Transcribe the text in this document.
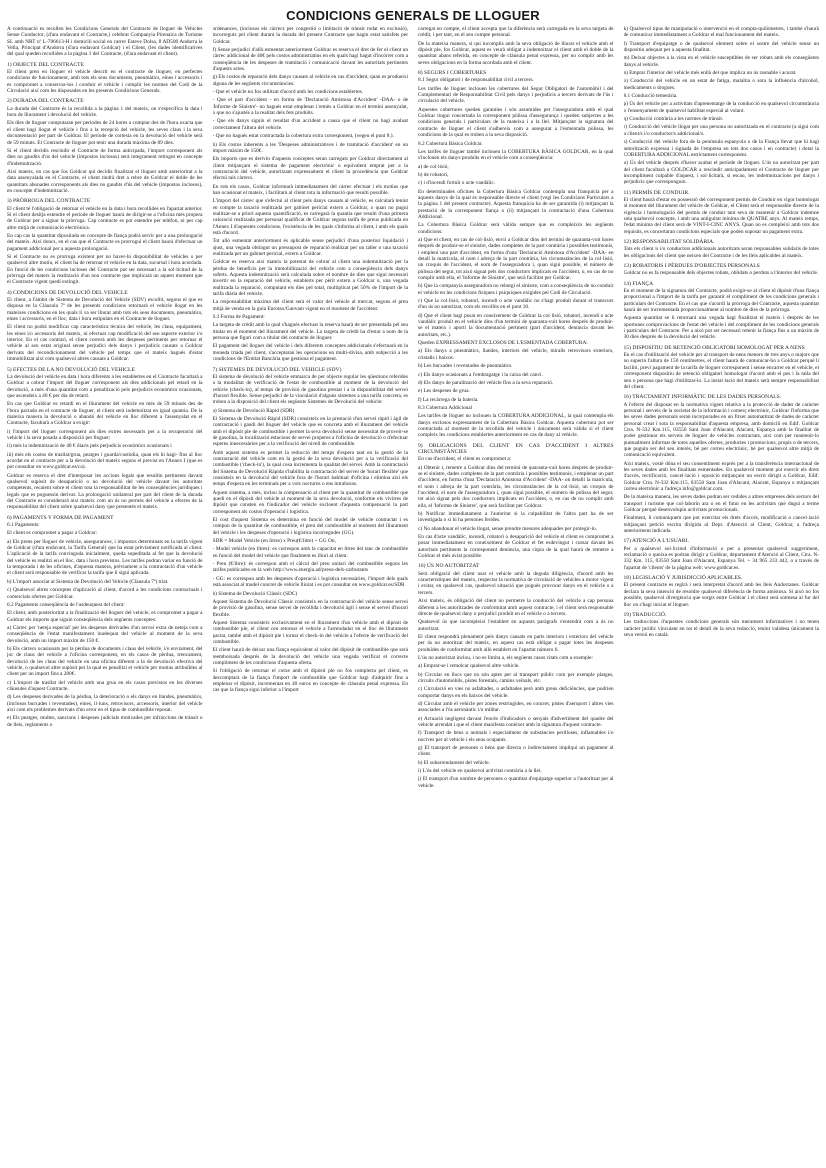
CONDICIONS GENERALS DE LLOGUER

A continuació es recullen les Condicions Generals del Contracte de lloguer de Vehicles Sense Conductor, (d'ara endavant el Contracte,) celebrat Companyia Pirenaica de Turisme SL amb NRT nº L-706613-H i domicili social en carrer Esteve Dolsa, 8 AD500 Andorra la Vella, Principat d'Andorra (d'ara endavant Goldcar) i el Client, (les dades identificatives del qual queden recollides a la pàgina 1 del Contracte, (d'ara endavant el client).

1) OBJECTE DEL CONTRACTE

El client pren en lloguer el vehicle descrit en el contracte de lloguer, en perfectes condicions de funcionament, amb tots els seus documents, pneumàtics, eines i accessoris i es compromet a conservar-los i conduir el vehicle i complir les normes del Codi de la Circulació així com les disposades en les presents Condicions Generals.

2) DURADA DEL CONTRACTE

La durada del Contracte és la recollida a la pàgina 1 del mateix, on s'especifica la data i hora de lliurament i devolució del vehicle.

Els dies de lloguer computaran per períodes de 24 hores a comptar des de l'hora exacta que el client hagi llogat el vehicle i fins a la recepció del vehicle, les seves claus i la seva documentació per part de Goldcar. El període de cortesia en la devolució del vehicle serà de 59 minuts. El Contracte de lloguer pot tenir una durada màxima de 89 dies.

Si el client decidís rescindir el Contracte de forma anticipada, l'import corresponent als dies no gaudits d'ús del vehicle (impostos inclosos) serà íntegrament retingut en concepte d'indemnització.

Així mateix, en cas que fos Goldcar qui decidís finalitzar el lloguer amb anterioritat a la data assenyalada en el Contracte, el client tindrà dret a rebre de Goldcar el doble de les quantitats abonades corresponents als dies no gaudits d'ús del vehicle (impostos inclosos), en concepte d'indemnització.

3) PRÒRROGA DEL CONTRACTE

El client té l'obligació de retornar el vehicle en la data i hora recollides en l'apartat anterior. Si el client desitja estendre el període de lloguer haurà de dirigir-se a l'oficina més propera de Goldcar per a signar la pròrroga. Cap contracte es pot estendre per telèfon, ni per cap altre mitjà de comunicació electrònica.

En cap cas la quantitat dipositada en concepte de fiança podrà servir per a una prolongació del mateix. Així doncs, en el cas que el Contracte es prorrogui el client haurà d'efectuar un pagament addicional per a aquesta prolongació.

Si el Contracte no es prorroga existent per no haver-hi disponibilitat de vehicles o per qualsevol altre motiu, el client ha de retornar el vehicle en la data, sucursal i hora acordada. En funció de les condicions incloses del Contracte pot ser necessari a la sol·licitud de la pròrroga del mateix la realització d'un nou contracte que implicarà un aquest moment que el Contracte vigent quedi extingit.

4) CONDICIONS DE DEVOLUCIÓ DEL VEHICLE

El client, a l'àmbit de Sistema de Devolució del Vehicle (SDV) escollit, segons el que es disposa en la Clàusula 7ª de les presents condicions retornarà el vehicle llogat en les mateixes condicions en les quals li va ser lliurat amb tots els seus documents, pneumàtics, eines i accessoris, en el lloc, data i hora estipulats en el Contracte de lloguer.

El client no podrà modificar cap característica tècnica del vehicle, les claus, equipament, les eines i/o accessoris del mateix, ni efectuar cap modificació del seu aspecte exterior i/o interior. En el cas contrari, el client correrà amb les despeses pertinents per retornar el vehicle al seu estat original sense perjudici dels danys i perjudicis causats a Goldcar derivats del recondicionament del vehicle pel temps que el mateix hagués d'estar immobilitzat així com qualsevol altres causats a Goldcar.

5) EFECTES DE LA NO DEVOLUCIÓ DEL VEHICLE

La devolució del vehicle en data i hora diferents a les establertes en el Contracte facultarà a Goldcar a cobrar l'import del lloguer corresponent als dies addicionals pel retard en la devolució, a més d'una quantitat com a penalització pels perjudicis econòmics ocasionats, que ascendeix a 40 € per dia de retard.

En cas que Goldcar es retardi en el lliurament del vehicle en més de 59 minuts des de l'hora pactada en el contracte de lloguer, el client serà indemnitzat en igual quantia. De la mateixa manera la devolució o abandó del vehicle en lloc diferent a l'assenyalat en el Contracte, facultarà a Goldcar a exigir:

i) l'import del lloguer corresponent als dies extres necessaris per a la recuperació del vehicle i la seva posada a disposició per lloguer;

ii) més la indemnització de 40 € diaris pels perjudicis econòmics ocasionats i

iii) més els costos de trasllat/grua, peatges i guarda/custòdia, quan els hi hagi- fins al lloc acordat en el contracte per a la devolució del mateix segons el previst en l'Annex I (que es pot consultar en www.goldcar.es/ca).

Goldcar es reserva el dret d'interposar les accions legals que resultin pertinents davant qualsevol supòsit de desaparició o no devolució del vehicle davant les autoritats competents, recaient sobre el client tota la responsabilitat de les conseqüències jurídiques i legals que es poguessin derivar. La prolongació unilateral per part del client de la durada del Contracte es considerarà així mateix com un ús no permès del vehicle a efectes de la responsabilitat del client sobre qualsevol dany que presentés el mateix.

6) PAGAMENTS Y FORMA DE PAGAMENT

6.1 Pagaments:

El client es compromet a pagar a Goldcar:

a) Els preus per lloguer de vehicle, assegurances, i impostos determinats en la tarifa vigent de Goldcar (d'ara endavant, la Tarifa General) que ha estat prèviament notificada al client. L'aplicació de la tarifa convinguda inicialment, queda supeditada al fet que la devolució del vehicle es realitzi en el lloc, data i hora previstos. Les tarifes podran variar en funció de la temporada i de les oficines, d'aquesta manera, prèviament a la contractació d'un vehicle el client serà responsable de verificar la tarifa que li sigui aplicada.

b) L'import associat al Sistema de Devolució del Vehicle (Clàusula 7ª) triat.

c) Qualsevol altres conceptes d'aplicació al client, d'acord a les condicions contractuals i comercials ofertes per Goldcar.

6.2 Pagaments conseqüència de l'usdeuquest del client:

El client, amb posterioritat a la finalització del lloguer del vehicle, es compromet a pagar a Goldcar els imports que siguin conseqüència dels següents conceptes:

a) Càrrec per 'neteja especial' per les despeses derivades d'un servei extra de neteja com a conseqüència de l'estat manifestament inadequat del vehicle al moment de la seva devolució, amb un import màxim de 150 €.

b) Els càrrecs ocasionats per la pèrdua de documents i claus del vehicle, i/o enviament, del joc de claus del vehicle a l'oficina corresponent, en els casos de pèrdua, trencament, devolució de les claus del vehicle en una oficina diferent a la de devolució efectiva del vehicle, o qualsevol altre supòsit per la qual es penalitzi el vehicle per motius atribuïbles al client per un import fins a 280€.

c) L'import de trasllat del vehicle amb una grua en els casos previstos en les diverses clàusules d'aquest Contracte.

d) Les despeses derivades de la pèrdua, la deterioració o els danys en llandes, pneumàtics, (inclosos burxades i reventades), eines, il·luns, retrovisors, accessoris, interior del vehicle així com els problemes derivats d'un error en el tipus de combustible reposat.

e) Els peatges, multes, sancions i despeses judicials motivades per infraccions de trànsit o de lleis, reglaments o

ordenances, (inclosos els càrrecs per congestió o limitació de trànsit rodat en exclusió), incorreguts pel client durant la durada del present Contracte que hagin estat satisfets per Goldcar.

f) Sense perjudici d'allò esmentat anteriorment Goldcar es reserva el dret de fer el client un càrrec addicional de 40€ pels costos administratius en els quals hagi hagut d'incórrer com a conseqüència de les despeses de tramitació i comunicació davant les autoritats pertinents d'aquests actes.

g) Els costos de reparació dels danys causats al vehicle en cas d'accident, quan es produeixi alguna de les següents circumstàncies:

- Que el vehicle no fos utilitzat d'acord amb les condicions establertes.

- Que el part d'accident - en forma de 'Declaració Amistosa d'Accident' -DAA- o de 'Informe de Sinistre'- no hagués estat emplenat i remès a Goldcar en el termini assenyalat, o que no s'ajustés a la realitat dels fets produïts.

- Que els danys siguin el resultat d'un accident a causa que el client no hagi avaluat correctament l'altura del vehicle.

- Que no hagués estat contractada la cobertura extra corresponent, (vegeu el punt 8.).

h) Els costos inherents a les 'Despeses administratives i de tramitació d'accident' en un import màxim de 150€.

Els imports que es derivin d'aquests conceptes seran carregats per Goldcar directament al client mitjançant el sistema de pagament electrònic o equivalent emprat per a la contractació del vehicle, autoritzant expressament el client la procedència que Goldcar efectuï tals càrrecs.

En tots els casos, Goldcar informarà immediatament del càrrec efectuat i els motius que han ocasionat el mateix, i facilitarà al client tota la informació que resulti possible.

L'import del càrrec que s'efectui al client pels danys causats al vehicle, es calcularà tenint en compte la taxació realitzada per gabinet pericial extern a Goldcar, o quan no pugui realitzar-se a priori aquesta quantificació, es carregarà la quantia que resulti d'una primera valoració realitzada per personal qualificat de Goldcar segons tarifa de preus publicada en l'Annex I d'aquestes condicions, l'existència de les quals s'informa al client, i amb els quals està d'acord.

Tot allò esmentat anteriorment és aplicable sense perjudici d'una posterior liquidació i ajust, una vegada obtingut un pressupost de reparació realitzat per un taller o una taxació realitzada per un gabinet pericial, extern a Goldcar.

Goldcar es reserva així mateix la potestat de cobrar al client una indemnització per la pèrdua de beneficis per la immobilització del vehicle com a conseqüència dels danys soferts. Aquesta indemnització serà calculada sobre el nombre de dies que sigui necessari invertir en la reparació del vehicle, establerts per pèrit extern a Goldcar o, una vegada realitzada la reparació, computant els dies pel total, multiplicat pel 50% de l'import de la tarifa diària del vehicle.

La responsabilitat màxima del client serà el valor del vehicle al mercat, segons el preu mitjà de venda en la guia Eurotax/Ganvam vigent en el moment de l'accident.

6.3 Forma de Pagament:

La targeta de crèdit amb la qual s'hagués efectuat la reserva haurà de ser presentada pel seu titular en el moment del lliurament del vehicle. La targeta de crèdit ha d'estar a nom de la persona que figuri com a titular del contracte de lloguer.

El pagament del lloguer del vehicle i dels diferents conceptes addicionals s'efectuarà en la moneda triada pel client, s'acceptaran les operacions en multi-divisa, amb subjecció a les condicions de l'Entitat Bancària que gestiona el pagament.

7) SISTEMES DE DEVOLUCIÓ DEL VEHICLE (SDV)

El sistema de devolució del vehicle emmarca de per objecte regular les qüestions referides a la modalitat de verificació de l'estat de combustible al moment de la devolució del vehicle (check-in), al temps de provisió de gasolina prestat i a la disponibilitat del servei d'horari flexible. Sense perjudici de la vinculació d'alguns sistemes a una tarifa concreta, es troben a la disposició del client els següents Sistemes de Devolució del vehicle:

a) Sistema de Devolució Ràpid (SDR)

El Sistema de Devolució Ràpid (SDR) consisteix en la prestació d'un servei ràpid i àgil de contractació i gaudi del lloguer del vehicle que es concreta amb el lliurament del vehicle amb el dipòsit ple de combustible i permet la seva devolució sense necessitat de proveir-se de gasolina, la localització estacions de servei properes a l'oficina de devolució o d'efectuar esperes innecessàries per a la verificació del nivell de combustible.

Amb aquest sistema es permet la reducció del temps d'espera tant en la gestió de la contractació del vehicle com en la gestió de la seva devolució per a la verificació del combustible ('check-in'), la qual cosa incrementa la qualitat del servei. Amb la contractació del Sistema de Devolució Ràpida s'habilita la contractació del servei de 'horari flexible' que consisteix en la devolució del vehicle fora de l'horari habitual d'oficina i elimina així els temps d'espera en les terminals per a vols nocturns o ens intrahoras.

Aquest sistema, a més, inclou la compensació al client per la quantitat de combustible que quedi en el dipòsit del vehicle al moment de la seva devolució, conforme els vivitres de dipòsit que consten en l'indicador del vehicle excloent d'aquesta compensació la part corresponent als costos d'operació i logística.

El cost d'aquest Sistema es determina en funció del model de vehicle contractat i es compon de la quantitat de combustible, el preu del combustible al moment del lliurament del vehicle i les despeses d'operació i logística incorregudes (GG).

SDR = Model Vehicle (en litres) x Preu(€/litre) + GG On,

- Model vehicle (en litres): es correspon amb la capacitat en litres del tanc de combustible en funció del model del vehicle que finalment es lliuri al client.

- Preu (€/litre): és correspon amb el càlcul del preu unitari del combustible segons les tarifes publicades en la web http://www.energia.ad/preus-dels-carburants

- GG: es correspon amb les despeses d'operació i logística necessàries, l'import dels quals està associat al model concret de vehicle lliurat i es pot consultar en www.goldcar.es/SDR

b) Sistema de Devolució Clàssic (SDC)

Aquest Sistema de Devolució Clàssic consisteix en la contractació del vehicle sense servei de provisió de gasolina, sense servei de recollida i devolució àgil i sense el servei d'horari flexible.

Aquest Sistema consisteix exclusivament en el lliurament d'un vehicle amb el dipòsit de combustible ple, el client ceu retornar el vehicle a l'arrendador en el lloc de lliurament pactat, també amb el dipòsit ple i tornar el check-in del vehicle a l'efecte de verificació del combustible.

El client haurà de deixar una fiança equivalent al valor del dipòsit de combustible que serà reemborsada després de la devolució del vehicle una vegada verificat el correcte compliment de les condicions d'aquesta oferta.

Si l'obligació de retornar el cotxe amb el dipòsit ple no fos complerta pel client, es descomptarà de la fiança l'import de combustible que Goldcar hagi d'adquirir fins a emplenar el dipòsit, incrementat en 40 euros en concepte de clàusula penal expressa. En cas que la fiança sigui inferior a l'import

carregat en compte, el client accepta que la diferència serà carregada en la seva targeta de crèdit, i per tant, en el seu compte personal.

De la mateixa manera, si qui incomplís amb la seva obligació de lliurar el vehicle amb el dipòsit ple, fos Goldcar, aquest es veurà obligat a indemnitzar el client amb el doble de la quantitat abans referida, en concepte de clàusula penal expressa, per no complir amb les seves obligacions en la forma acordada amb el client.

8) SEGURS I COBERTURES

8.1 Segur obligatori i de responsabilitat civil a tercers.

Les tarifes de lloguer inclouen les cobertures del Segur Obligatori de l'automòbil i del Complementari de Responsabilitat Civil pels danys i perjudicis a tercers derivats de l'ús i circulació del vehicle.

Aquestes cobertures queden garanties i són assumides per l'asseguradora amb el qual Goldcar tingui concertada la corresponent pòlissa d'assegurança i queden subjectes a les condicions generals i particulars de la mateixa i a la llei. Mitjançant la signatura del contracte de lloguer el client s'adhereix com a assegurat a l'esmentada pòlissa, les condicions de la qual es troben a la seva disposició.

8.2 Cobertura Bàsica Goldcar.

Les tarifes de lloguer també inclouen la COBERTURA BÀSICA GOLDCAR, en la qual s'inclouen els danys produïts en el vehicle com a conseqüència:

a) de col·lisió,

b) de robatori,

c) i d'incendi fortuït o acte vandàlic.

En determinades oficines la Cobertura Bàsica Goldcar contempla una franquícia per a aquests danys de la qual és responsable directe el client (vegi les Condicions Particulars a la pàgina 1 del present contracte). Aquesta franquícia ha de ser garantida (i) mitjançant la prestació de la corresponent fiança o (ii) mitjançant la contractació d'una Cobertura Addicional.

La Cobertura Bàsica Goldcar serà vàlida sempre que es compleixin les següents condicions:

a) Que el client, en cas de col·lisió, envií a Goldcar dins del termini de quaranta-vuit hores després de produir-se el sinistre, dades completes de la part contrària i possibles testimonis, i emplení una part d'accident, en forma d'una 'Declaració Amistosa d'Accident' -DAA- en detall la matrícula, el nom i adreça de la part contrària, les circumstàncies de la col·lisió, un croquis de l'accident, el nom de l'asseguradora i, quan sigui possible, el número de pòlissa del segur, tot això signat pels dos conductors implicats en l'accident, o, en cas de no complir amb ella, el 'Informe de Sinistre', que serà facilitat per Goldcar.

b) Que la companyia asseguradora no rebutgi el sinistre, com a conseqüència de no conduir el vehicle en les condicions físiques i psíquiques exigides pel Codi de Circulació.

c) Que la col·lisió, robatori, incendi o acte vandàlic no s'hagi produït durant el transcurs d'un ús no autoritzat, com els recollits en el punt 10.

d) Que el client hagi posat en coneixement de Goldcar la col·lisió, robatori, incendi o acte vandàlic produït en el vehicle dins d'un termini de quaranta-vuit hores després de produir-se el mateix i aporti la documentació pertinent (part d'accident, denúncia davant les autoritats, etc.).

Queden EXPRESSAMENT EXCLOSOS DE L'ESMENTADA COBERTURA:

a) Els danys a pneumàtics, llandes, interiors del vehicle, miralls retrovisors exteriors, cristalls i baixos.

b) Les burxades i reventades de pneumàtics.

c) Els danys ocasionats a l'embragatge i la caixa del canvi.

d) Els danys de paralització del vehicle fins a la seva reparació.

e) Les despeses de grua.

f) La recàrrega de la bateria.

8.3 Cobertura Addicional

Les tarifes de lloguer no inclouen la COBERTURA ADDICIONAL, la qual contempla els danys exclosos expressament de la Cobertura Bàsica Goldcar. Aquesta cobertura pot ser contractada al moment de la recollida del vehicle i únicament serà vàlida si el client compleix les condicions establertes anteriorment en cas de dany al vehicle.

9) OBLIGACIONS DEL CLIENT EN CAS D'ACCIDENT I ALTRES CIRCUMSTÀNCIES

En cas d'accident, el client es compromet a:

a) Obtenir i, remetre a Goldcar dins del termini de quaranta-vuit hores després de produir-se el sinistre, dades completes de la part contrària i possibles testimonis, i emplenar un part d'accident, en forma d'una 'Declaració Amistosa d'Accident' -DAA- on detalli la matrícula, el nom i adreça de la part contrària, les circumstàncies de la col·lisió, un croquis de l'accident, el nom de l'asseguradora i, quan sigui possible, el número de pòlissa del segur, tot això signat pels dos conductors implicats en l'accident, o, en cas de no complir amb ella, el 'Informe de Sinistre', que serà facilitat per Goldcar.

b) Notificar immediatament a l'autoritat si la culpabilitat de l'altra part ha de ser investigada o si hi ha persones ferides.

c) No abandonar el vehicle llogat, sense prendre mesures adequades per protegir-lo.

En cas d'acte vandàlic, incendi, robatori o desaparició del vehicle el client es compromet a posar immediatament en coneixement de Goldcar el fet esdevingut i cursar davant les autoritats pertinents la corresponent denúncia, una còpia de la qual haurà de remetre a Goldcar el més aviat possible.

10) ÚS NO AUTORITZAT

Serà obligació del client usar el vehicle amb la deguda diligència, d'acord amb les característiques del mateix, respectar la normativa de circulació de vehicles a motor vigent i evitar, en qualsevol cas, qualsevol situació que pogués provocar danys en el vehicle o a tercers.

Així mateix, és obligació del client no permetre la conducció del vehicle a cap persona diferent a les autoritzades de conformitat amb aquest contracte, i el client serà responsable directe de qualsevol dany o perjudici produït en el vehicle o a tercers.

Qualsevol ús que incompleixi l'establert en aquests paràgrafs s'entendrà com a ús no autoritzat.

El client respondrà plenament pels danys causats en parts interiors i exteriors del vehicle per ús no autoritzat del mateix, en aquest cas està obligat a pagar totes les despeses produïdes de conformitat amb allò establert en l'apartat número 6.

L'ús no autoritzat inclou, i no es limita a, els següents casos citats com a exemple:

a) Emprar-se i remolcar qualsevol altre vehicle.

b) Circular en llocs que no són aptes per al transport públic com per exemple platges, circuits d'automòbils, pistes forestals, camins veïnals, etc.

c) Circulació en vies no asfaltades, o asfaltades però amb greus deficiències, que podrien comportar danys en els baixos del vehicle.

d) Circular amb el vehicle per zones restringides, en concret, pistes d'aeroport i altres vies associades a l'ús aeronàutic i/o militar.

e) Actuació negligent davant l'encès d'indicadors o senyals d'advertiment del quadre del vehicle arrendat i que el client manifesta conèixer amb la signatura d'aquest contracte.

f) Transport de béns o animals i especialment de substàncies perilloses, inflamables i/o nocives per al vehicle i els seus ocupants.

g) El transport de persones o béns que directa o indirectament impliqui un pagament al client.

h) El subarrendament del vehicle.

i) L'ús del vehicle en qualsevol activitat contrària a la llei.

j) El transport d'un nombre de persones o quantitat d'equipatge superior a l'autoritzat per al vehicle.

k) Qualsevol tipus de manipulació o intervenció en el compta-quilòmetres, i també s'haurà de comunicar immediatament a Goldcar el mal funcionament del mateix.

l) Transport d'equipatge o de qualsevol element sobre el sostre del vehicle sense un dispositiu adequat per a aquesta finalitat.

m) Deixar objectes a la vista en el vehicle susceptibles de ser robats amb els consegüents danys al vehicle.

n) Emprar l'interior del vehicle més enllà del que implica un ús raonable i acurat.

o) Conducció del vehicle en un estat de fatiga, malaltia o sota la influència d'alcohol, medicaments o drogues.

8.1 Conducció temerària.

p) Ús del vehicle per a activitats d'aprenentatge de la conducció en qualsevol circumstància o l'ensenyament de qualsevol habilitat especial al volant.

q) Conducció contrària a les normes de trànsit.

r) Conducció del vehicle llogat per una persona no autoritzada en el contracte (a sigui com a client/s i/o conductor/s addicional/s.

s) Conducció del vehicle fora de la península espanyola o de la França llevat que hi hagi autorització expressa i signada de l'empresa en tots dos casos i en contracte) i dotat la COBERTURA ADDICIONAL estrictament corresponent.

u) Ús del vehicle després d'haver acabat el període de lloguer. L'ús no autoritzat per part del client facultarà a GOLDCAR a rescindir anticipadament el Contracte de lloguer per incompliment culpable d'aquest, i sol·licitarà, si escau, les indemnitzacions per danys i perjudicis que corresponguin.

11) PERMÍS DE CONDUIR.

El client haurà d'estar en possessió del corresponent permís de Conduir en vigor homologat al moment del lliurament del vehicle de Goldcar, el Client serà el responsable directe de la vigència i homologació del permís de conduir tant seva de mantenir a Goldcar indemne sota qualsevol concepte, i amb una antiguitat mínima de QUATRE anys. Al mateix temps, l'edat mínima del client serà de VINT-I-CINC ANYS. Quan no es compleixi amb tots dos requisits, es concertaran condicions especials que poden suposar un pagament extra.

12) RESPONSABILITAT SOLIDÀRIA.

Tots els client /s i/o conductors addicionals autoritzats seran responsables solidaris de totes les obligacions del client que neixen del Contracte i de les lleis aplicables al mateix.

13) ROBATORIS I PÈRDUES D'OBJECTES PERSONALS

Goldcar no es fa responsable dels objectes robats, oblidats o perduts a l'interior del vehicle.

14) FIANÇA

En el moment de la signatura del Contracte, podrà exigir-se al client el dipòsit d'una fiança proporcional a l'import de la tarifa per garantir el compliment de les condicions generals i particulars del Contracte. En el cas que s'acordi la pròrroga del Contracte, aquesta quantitat haurà de ser incrementada proporcionalment al nombre de dies de la pròrroga.

Aquesta quantitat se li retornarà una vegada hagi finalitzat el mateix i després de les oportunes comprovacions de l'estat del vehicle i del compliment de les condicions generals i particulars del Contracte. Per a això pot ser necessari retenir la fiança fins a un màxim de 30 dies després de la devolució del vehicle.

15) DISPOSITIU DE RETENCIÓ OBLIGATORI HOMOLOGAT PER A NENS

En el cas d'utilització del vehicle per al transport de nens menors de tres anys o majors que no superin l'altura de 150 centímetres, el client haurà de comunicar-ho a Goldcar perquè li faciliti, previ pagament de la tarifa de lloguer corresponent i sense encarrer en el vehicle, el corresponent dispositiu de retenció obligatori homologat d'acord amb el pes i la talla del nen o persona que hagi d'utilitzar-lo. La instal·lació del mateix serà sempre responsabilitat del client.

16) TRACTAMENT INFORMÀTIC DE LES DADES PERSONALS.

A l'efecte del disposat en la normativa vigent relativa a la protecció de dades de caràcter personal i serveis de la societat de la informació i comerç electrònic, Goldcar l'informa que les seves dades personals seran incorporades en un fitxer automatitzat de dades de caràcter personal creat i sota la responsabilitat d'aquesta empresa, amb domicili en Edif. Goldcar Ctra. N-332 Km.115, 03550 Sant Joan d'Alacant, Alacant, Espanya amb la finalitat de poder gestionar els serveis de lloguer de vehicles contractats, així com per mantenir-lo puntualment informat de totes aquelles ofertes, productes i promocions, propis o de tercers, que puguin ser del seu interès, bé per correu electrònic, bé per qualsevol altre mitjà de comunicació equivalent.

Així mateix, vostè dóna el seu consentiment exprés per a la transferència internacional de les seves dades amb les finalitats esmentades. En qualsevol moment pot exercir els drets d'accés, rectificació, cancel·lació i oposició mitjançant un escrit dirigit a Goldcar, Edif. Goldcar Ctra. N-332 Km.115, 03550 Sant Joan d'Alacant, Alacant, Espanya o mitjançant correu electrònic a l'adreça info@goldcar.com.

De la mateixa manera, les seves dades podran ser cedides a altres empreses dels sectors del transport i turisme que col·laborin ara o en el futur en les activitats que duguí a terme Goldcar perquè desenvolupin activitats promocionals.

Finalment, li comuniquem que pot exercitar els drets d'accés, modificació o cancel·lació mitjançant petició escrita dirigida al Dept. d'Atenció al Client, Goldcar, a l'adreça anteriorment indicada.

17) ATENCIÓ A L'USUARI.

Per a qualsevol sol·licitud d'informació o per a presentar qualsevol suggeriment, reclamació o queixa es podran dirigir a Goldcar, departament d'Atenció al Client, Ctra. N-332 Km. 115, 03550 Sant Joan d'Alacant, Espanya Tel. + 34 965 233 442, o a través de l'apartat de 'clients' de la pàgina web: www.goldcar.es.

18) LEGISLACIÓ Y JURISDICCIÓ APLICABLES.

El present contracte es regirà i serà interpretat d'acord amb les lleis Andorranes. Goldcar declara la seva intenció de resoldre qualsevol diferència de forma amistosa. Si això no fos possible, qualsevol divergència que sorgís entre Goldcar i el client serà sotmesa al fur del lloc on s'hagi iniciat el lloguer.

19) TRADUCCIÓ.

Les traduccions d'aquestes condicions generals són merament informatives i no tenen caràcter jurídic vinculant en tot el detall de la seva redacció, tenint validesa únicament la seva versió en català.
